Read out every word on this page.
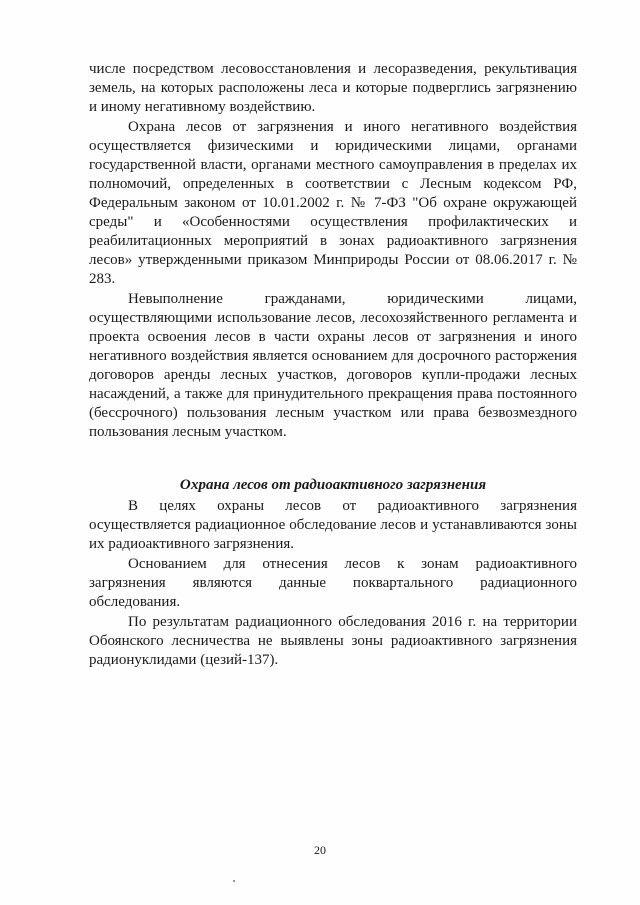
числе посредством лесовосстановления и лесоразведения, рекультивация земель, на которых расположены леса и которые подверглись загрязнению и иному негативному воздействию.

Охрана лесов от загрязнения и иного негативного воздействия осуществляется физическими и юридическими лицами, органами государственной власти, органами местного самоуправления в пределах их полномочий, определенных в соответствии с Лесным кодексом РФ, Федеральным законом от 10.01.2002 г. № 7-ФЗ "Об охране окружающей среды" и «Особенностями осуществления профилактических и реабилитационных мероприятий в зонах радиоактивного загрязнения лесов» утвержденными приказом Минприроды России от 08.06.2017 г. № 283.

Невыполнение гражданами, юридическими лицами, осуществляющими использование лесов, лесохозяйственного регламента и проекта освоения лесов в части охраны лесов от загрязнения и иного негативного воздействия является основанием для досрочного расторжения договоров аренды лесных участков, договоров купли-продажи лесных насаждений, а также для принудительного прекращения права постоянного (бессрочного) пользования лесным участком или права безвозмездного пользования лесным участком.

Охрана лесов от радиоактивного загрязнения

В целях охраны лесов от радиоактивного загрязнения осуществляется радиационное обследование лесов и устанавливаются зоны их радиоактивного загрязнения.

Основанием для отнесения лесов к зонам радиоактивного загрязнения являются данные поквартального радиационного обследования.

По результатам радиационного обследования 2016 г. на территории Обоянского лесничества не выявлены зоны радиоактивного загрязнения радионуклидами (цезий-137).

20
